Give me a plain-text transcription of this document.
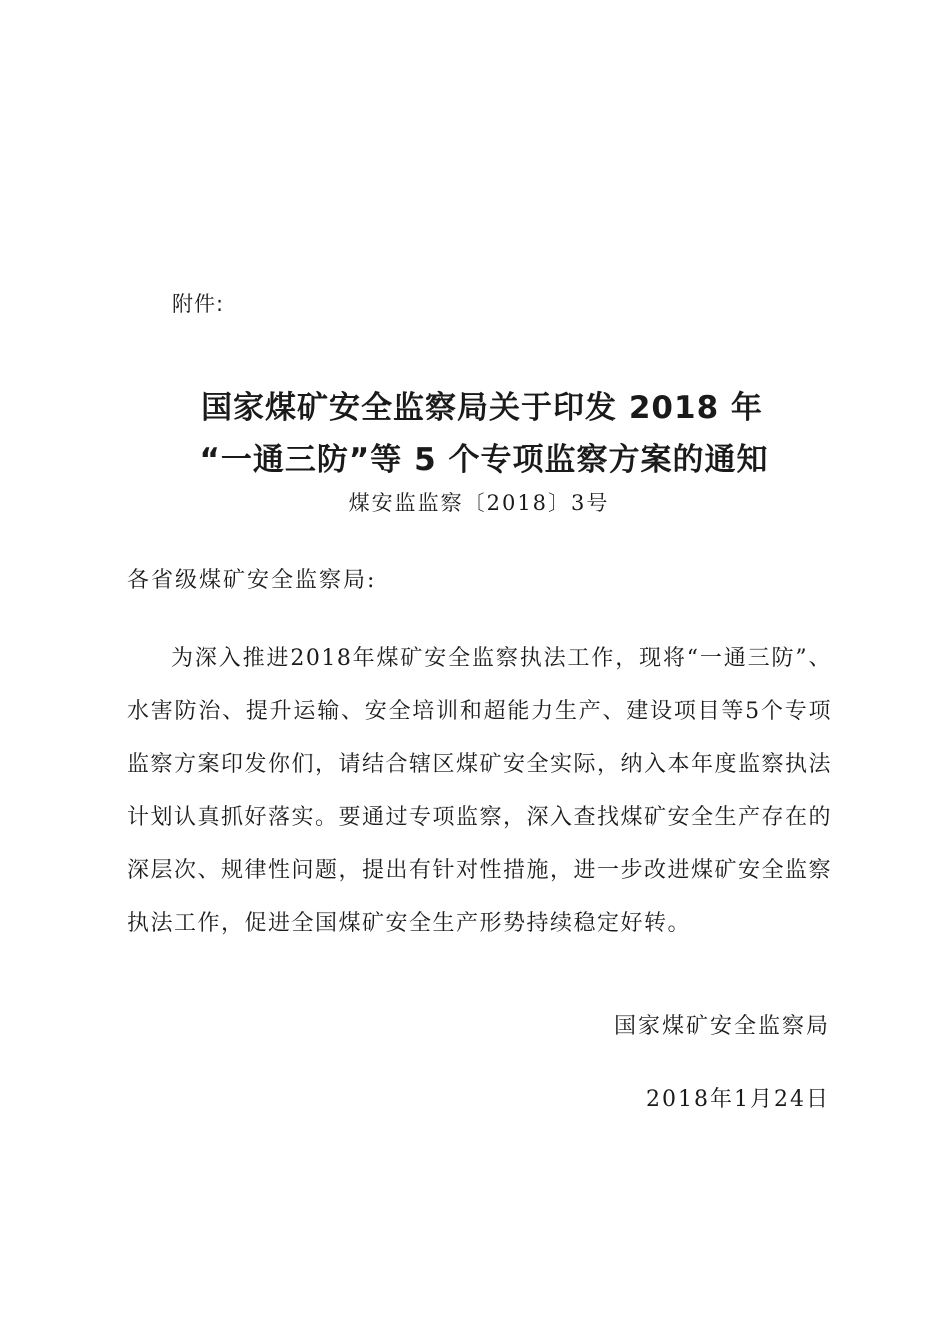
附件:
国家煤矿安全监察局关于印发 2018 年
“一通三防”等 5 个专项监察方案的通知
煤安监监察〔2018〕3号
各省级煤矿安全监察局:
为深入推进2018年煤矿安全监察执法工作，现将“一通三防”、水害防治、提升运输、安全培训和超能力生产、建设项目等5个专项监察方案印发你们，请结合辖区煤矿安全实际，纳入本年度监察执法计划认真抓好落实。要通过专项监察，深入查找煤矿安全生产存在的深层次、规律性问题，提出有针对性措施，进一步改进煤矿安全监察执法工作，促进全国煤矿安全生产形势持续稳定好转。
国家煤矿安全监察局
2018年1月24日
